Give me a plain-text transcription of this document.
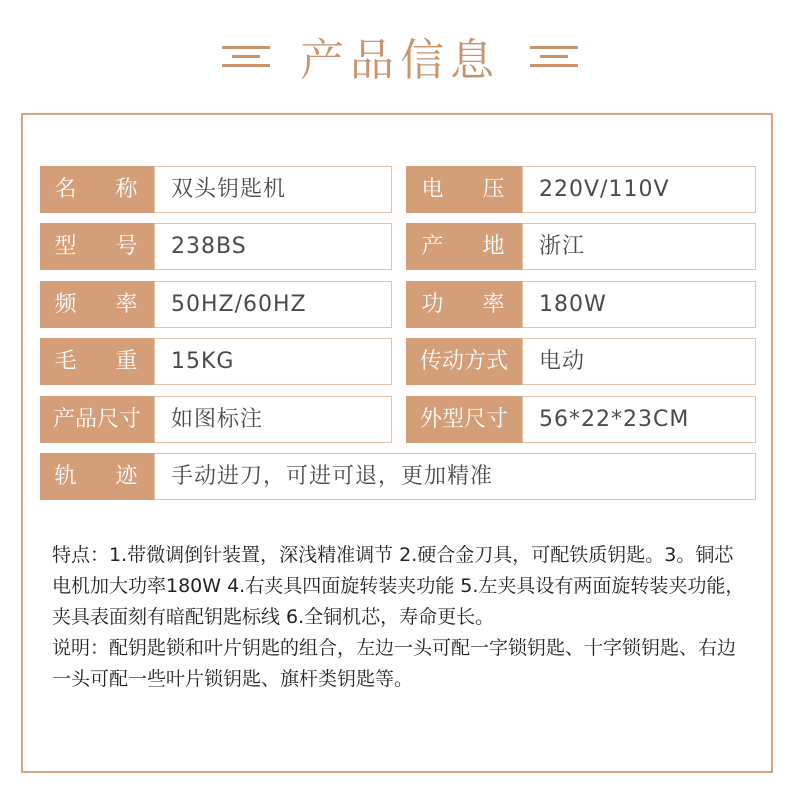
产品信息
名 称 双头钥匙机	电 压 220V/110V
型 号 238BS	产 地 浙江
频 率 50HZ/60HZ	功 率 180W
毛 重 15KG	传动方式	电动
产品尺寸	如图标注	外型尺寸	56*22*23CM
轨 迹 手动进刀，可进可退，更加精准

特点：1.带微调倒针装置，深浅精准调节 2.硬合金刀具，可配铁质钥匙。3。铜芯电机加大功率180W 4.右夹具四面旋转装夹功能 5.左夹具设有两面旋转装夹功能，夹具表面刻有暗配钥匙标线 6.全铜机芯，寿命更长。

说明：配钥匙锁和叶片钥匙的组合，左边一头可配一字锁钥匙、十字锁钥匙、右边一头可配一些叶片锁钥匙、旗杆类钥匙等。
